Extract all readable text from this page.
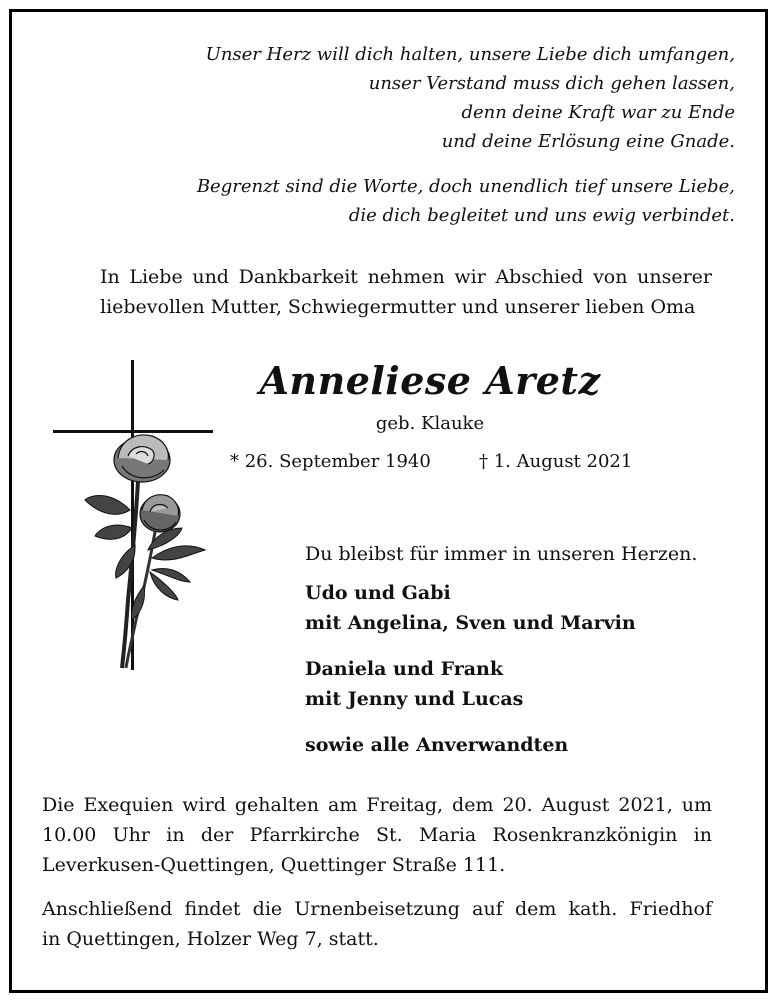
Unser Herz will dich halten, unsere Liebe dich umfangen,
unser Verstand muss dich gehen lassen,
denn deine Kraft war zu Ende
und deine Erlösung eine Gnade.
Begrenzt sind die Worte, doch unendlich tief unsere Liebe,
die dich begleitet und uns ewig verbindet.
In Liebe und Dankbarkeit nehmen wir Abschied von unserer
liebevollen Mutter, Schwiegermutter und unserer lieben Oma
Anneliese Aretz
geb. Klauke
* 26. September 1940	† 1. August 2021
Du bleibst für immer in unseren Herzen.
Udo und Gabi
mit Angelina, Sven und Marvin
Daniela und Frank
mit Jenny und Lucas
sowie alle Anverwandten

Die Exequien wird gehalten am Freitag, dem 20. August 2021, um
10.00 Uhr in der Pfarrkirche St. Maria Rosenkranzkönigin in
Leverkusen-Quettingen, Quettinger Straße 111.

Anschließend findet die Urnenbeisetzung auf dem kath. Friedhof
in Quettingen, Holzer Weg 7, statt.
